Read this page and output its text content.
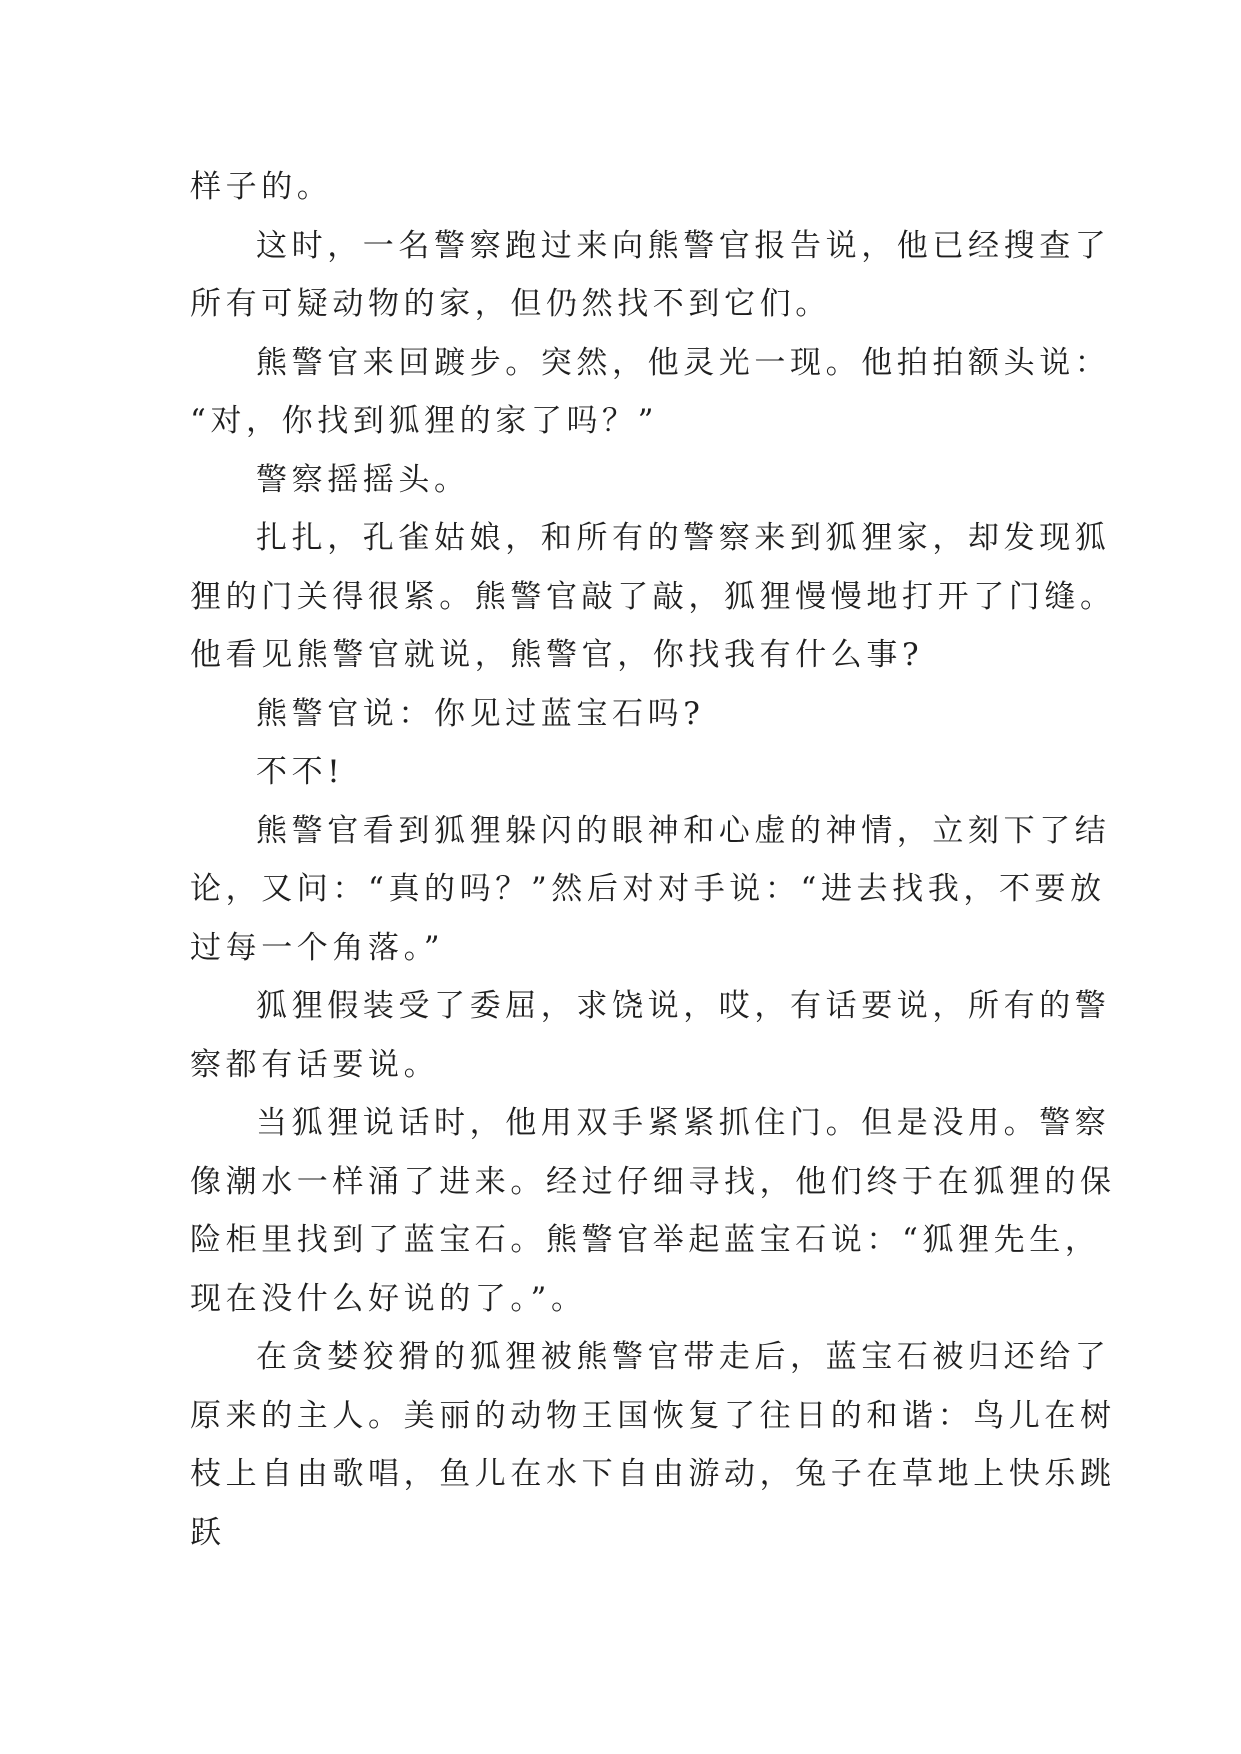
样子的。
这时，一名警察跑过来向熊警官报告说，他已经搜查了
所有可疑动物的家，但仍然找不到它们。
熊警官来回踱步。突然，他灵光一现。他拍拍额头说：
“对，你找到狐狸的家了吗？”
警察摇摇头。
扎扎，孔雀姑娘，和所有的警察来到狐狸家，却发现狐
狸的门关得很紧。熊警官敲了敲，狐狸慢慢地打开了门缝。
他看见熊警官就说，熊警官，你找我有什么事?
熊警官说：你见过蓝宝石吗?
不不!
熊警官看到狐狸躲闪的眼神和心虚的神情，立刻下了结
论，又问：“真的吗？”然后对对手说：“进去找我，不要放
过每一个角落。”
狐狸假装受了委屈，求饶说，哎，有话要说，所有的警
察都有话要说。
当狐狸说话时，他用双手紧紧抓住门。但是没用。警察
像潮水一样涌了进来。经过仔细寻找，他们终于在狐狸的保
险柜里找到了蓝宝石。熊警官举起蓝宝石说：“狐狸先生，
现在没什么好说的了。”。
在贪婪狡猾的狐狸被熊警官带走后，蓝宝石被归还给了
原来的主人。美丽的动物王国恢复了往日的和谐：鸟儿在树
枝上自由歌唱，鱼儿在水下自由游动，兔子在草地上快乐跳
跃
